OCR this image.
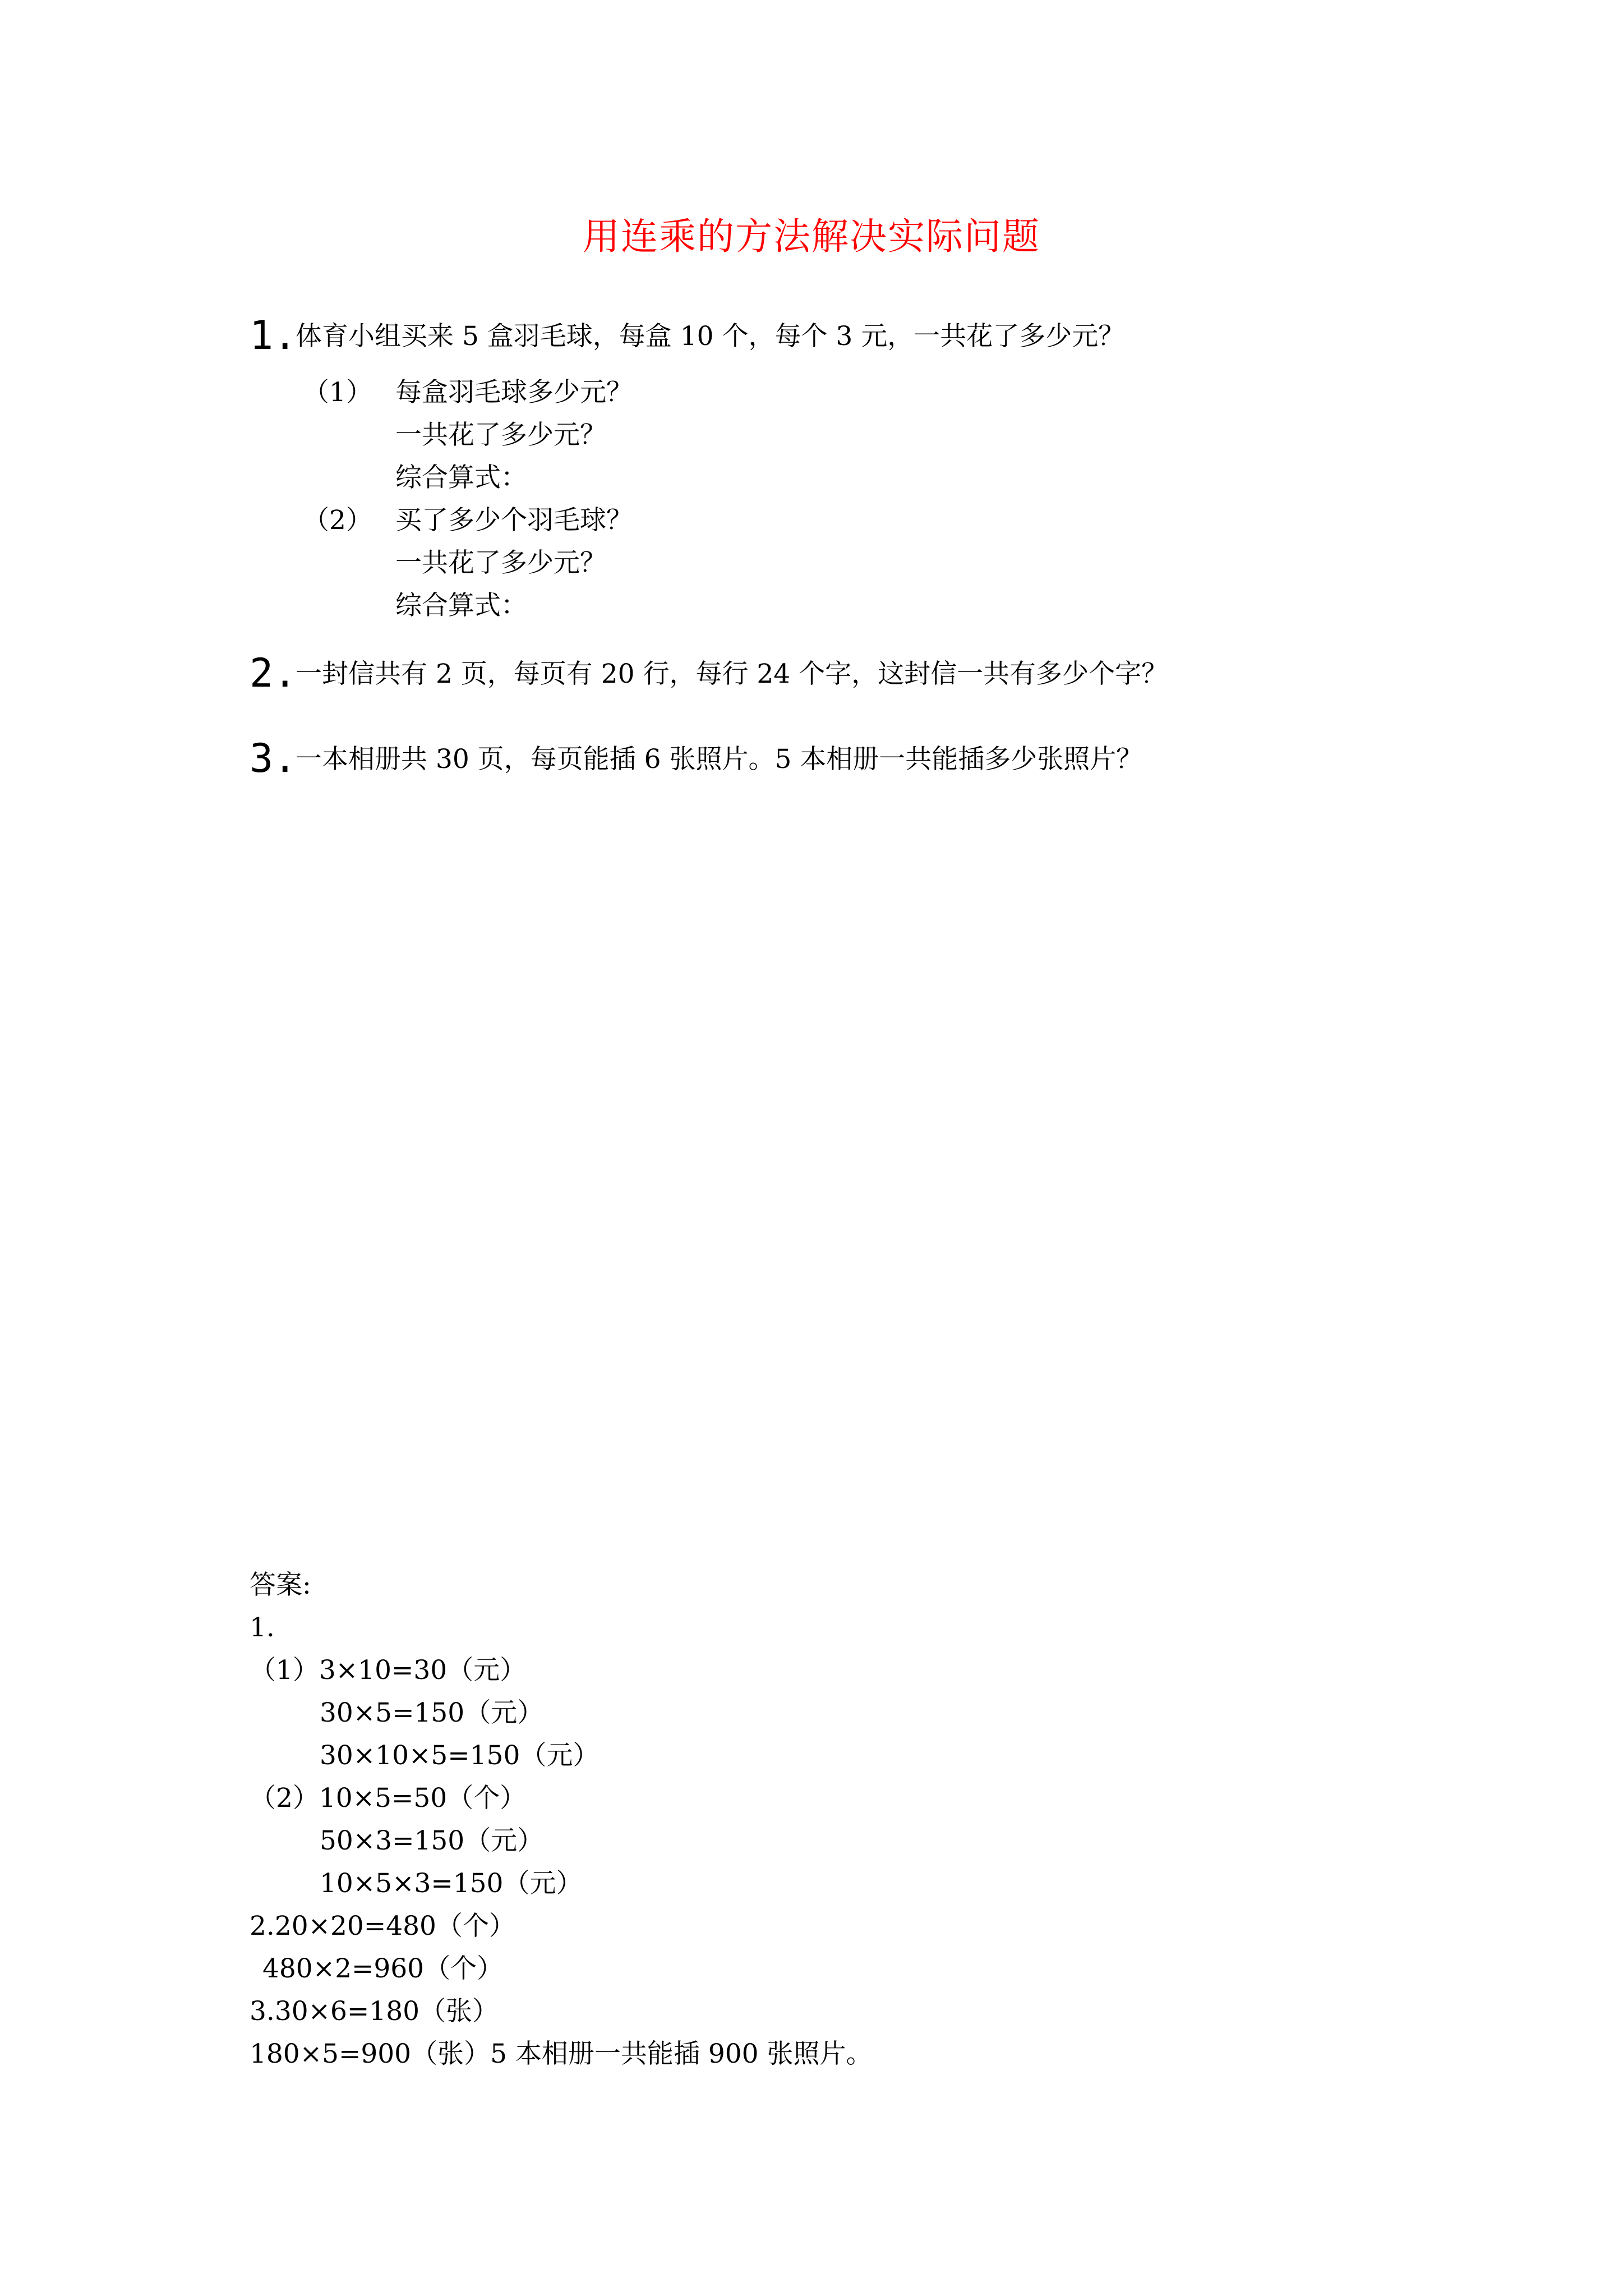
用连乘的方法解决实际问题
1.
体育小组买来 5 盒羽毛球，每盒 10 个，每个 3 元，一共花了多少元？
（1） 每盒羽毛球多少元？
一共花了多少元？
综合算式：
（2） 买了多少个羽毛球？
一共花了多少元？
综合算式：
2.
一封信共有 2 页，每页有 20 行，每行 24 个字，这封信一共有多少个字？
3.
一本相册共 30 页，每页能插 6 张照片。5 本相册一共能插多少张照片？
答案:
1.
（1）3×10=30（元）
30×5=150（元）
30×10×5=150（元）
（2）10×5=50（个）
50×3=150（元）
10×5×3=150（元）
2.20×20=480（个）
480×2=960（个）
3.30×6=180（张）
180×5=900（张）5 本相册一共能插 900 张照片。
